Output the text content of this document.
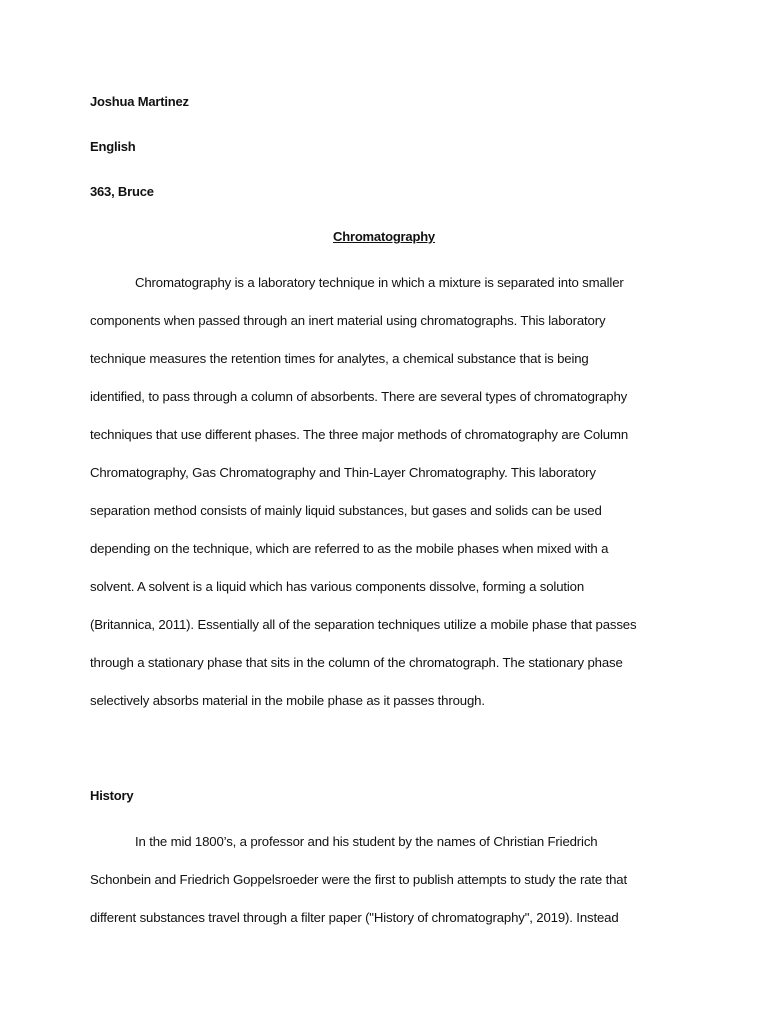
Joshua Martinez
English
363, Bruce
Chromatography
Chromatography is a laboratory technique in which a mixture is separated into smaller
components when passed through an inert material using chromatographs. This laboratory
technique measures the retention times for analytes, a chemical substance that is being
identified, to pass through a column of absorbents. There are several types of chromatography
techniques that use different phases. The three major methods of chromatography are Column
Chromatography, Gas Chromatography and Thin-Layer Chromatography. This laboratory
separation method consists of mainly liquid substances, but gases and solids can be used
depending on the technique, which are referred to as the mobile phases when mixed with a
solvent. A solvent is a liquid which has various components dissolve, forming a solution
(Britannica, 2011). Essentially all of the separation techniques utilize a mobile phase that passes
through a stationary phase that sits in the column of the chromatograph. The stationary phase
selectively absorbs material in the mobile phase as it passes through.
History
In the mid 1800’s, a professor and his student by the names of Christian Friedrich
Schonbein and Friedrich Goppelsroeder were the first to publish attempts to study the rate that
different substances travel through a filter paper ("History of chromatography", 2019). Instead
